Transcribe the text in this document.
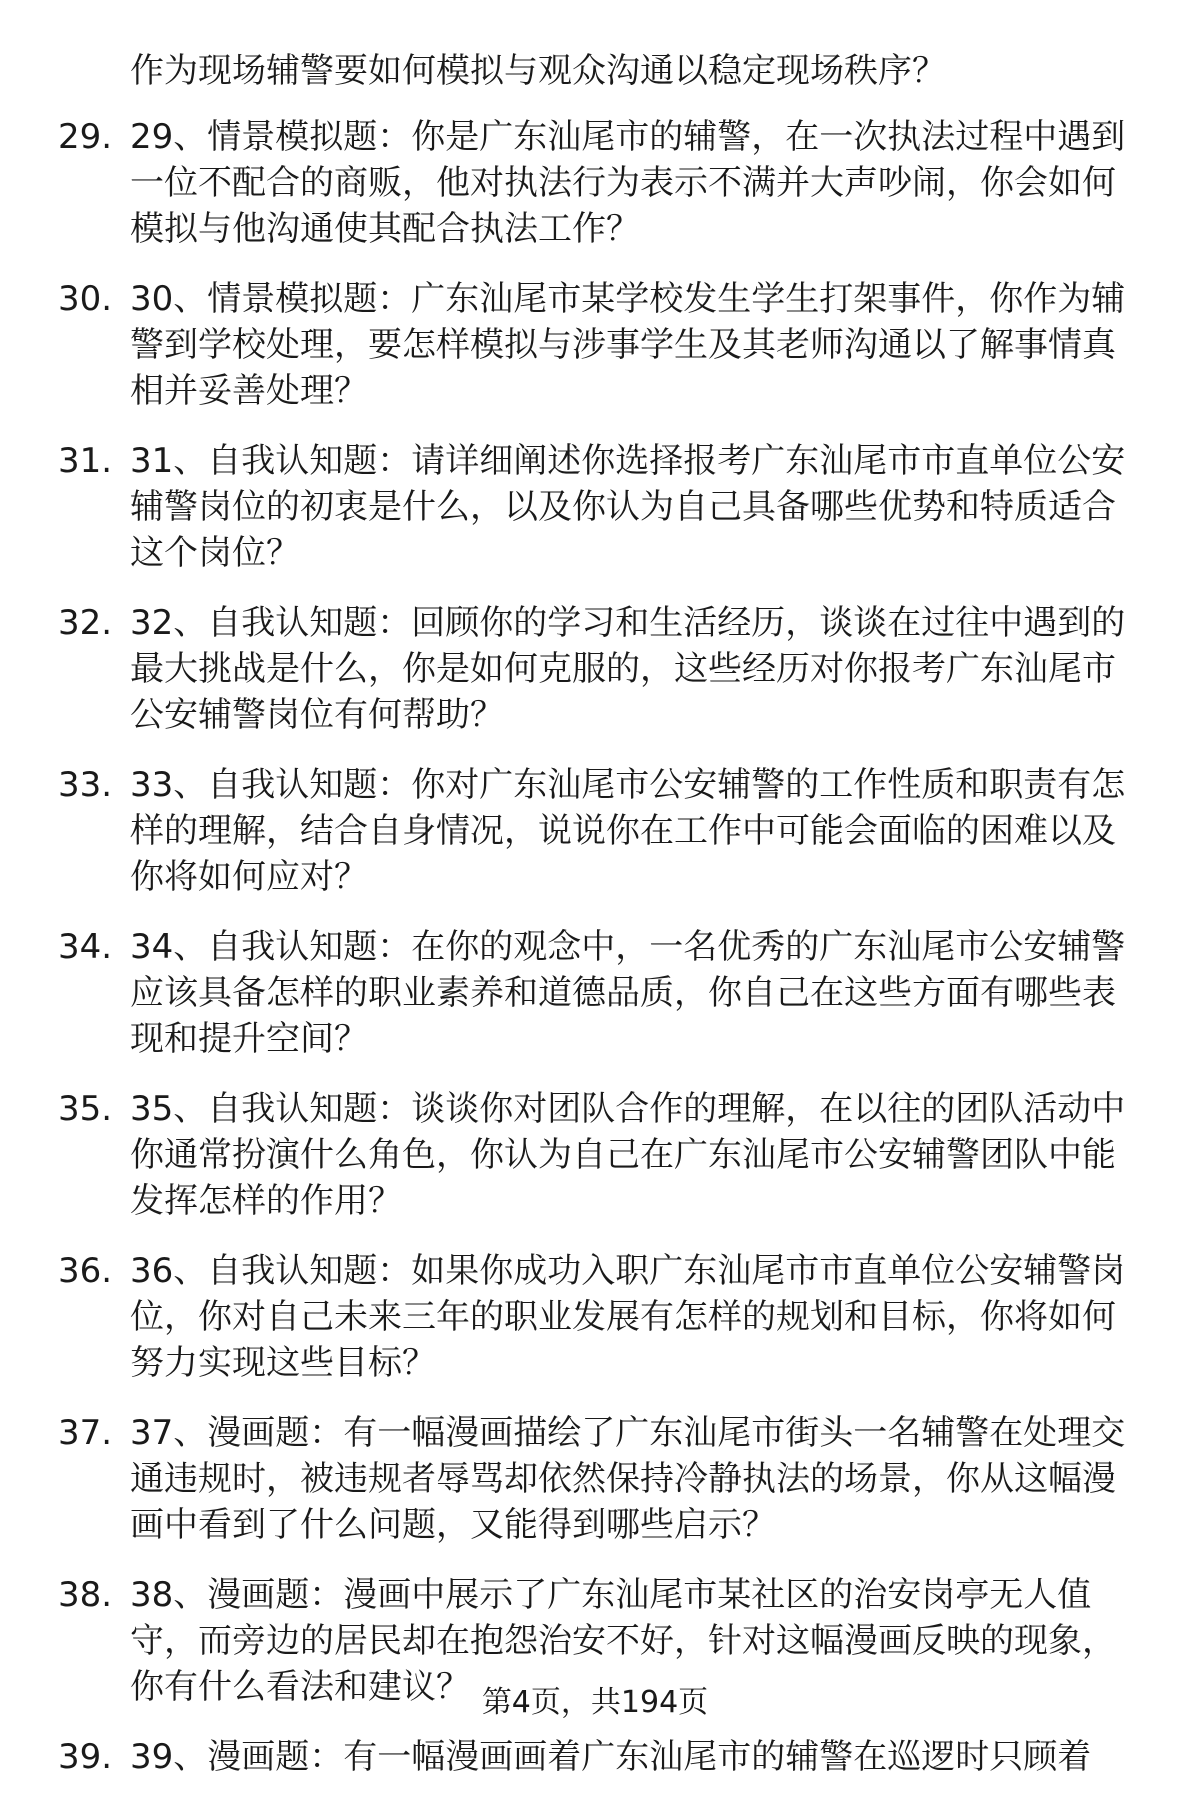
作为现场辅警要如何模拟与观众沟通以稳定现场秩序？
29. 29、情景模拟题：你是广东汕尾市的辅警，在一次执法过程中遇到一位不配合的商贩，他对执法行为表示不满并大声吵闹，你会如何模拟与他沟通使其配合执法工作？
30. 30、情景模拟题：广东汕尾市某学校发生学生打架事件，你作为辅警到学校处理，要怎样模拟与涉事学生及其老师沟通以了解事情真相并妥善处理？
31. 31、自我认知题：请详细阐述你选择报考广东汕尾市市直单位公安辅警岗位的初衷是什么，以及你认为自己具备哪些优势和特质适合这个岗位？
32. 32、自我认知题：回顾你的学习和生活经历，谈谈在过往中遇到的最大挑战是什么，你是如何克服的，这些经历对你报考广东汕尾市公安辅警岗位有何帮助？
33. 33、自我认知题：你对广东汕尾市公安辅警的工作性质和职责有怎样的理解，结合自身情况，说说你在工作中可能会面临的困难以及你将如何应对？
34. 34、自我认知题：在你的观念中，一名优秀的广东汕尾市公安辅警应该具备怎样的职业素养和道德品质，你自己在这些方面有哪些表现和提升空间？
35. 35、自我认知题：谈谈你对团队合作的理解，在以往的团队活动中你通常扮演什么角色，你认为自己在广东汕尾市公安辅警团队中能发挥怎样的作用？
36. 36、自我认知题：如果你成功入职广东汕尾市市直单位公安辅警岗位，你对自己未来三年的职业发展有怎样的规划和目标，你将如何努力实现这些目标？
37. 37、漫画题：有一幅漫画描绘了广东汕尾市街头一名辅警在处理交通违规时，被违规者辱骂却依然保持冷静执法的场景，你从这幅漫画中看到了什么问题，又能得到哪些启示？
38. 38、漫画题：漫画中展示了广东汕尾市某社区的治安岗亭无人值守，而旁边的居民却在抱怨治安不好，针对这幅漫画反映的现象，你有什么看法和建议？
39. 39、漫画题：有一幅漫画画着广东汕尾市的辅警在巡逻时只顾着
第4页，共194页
